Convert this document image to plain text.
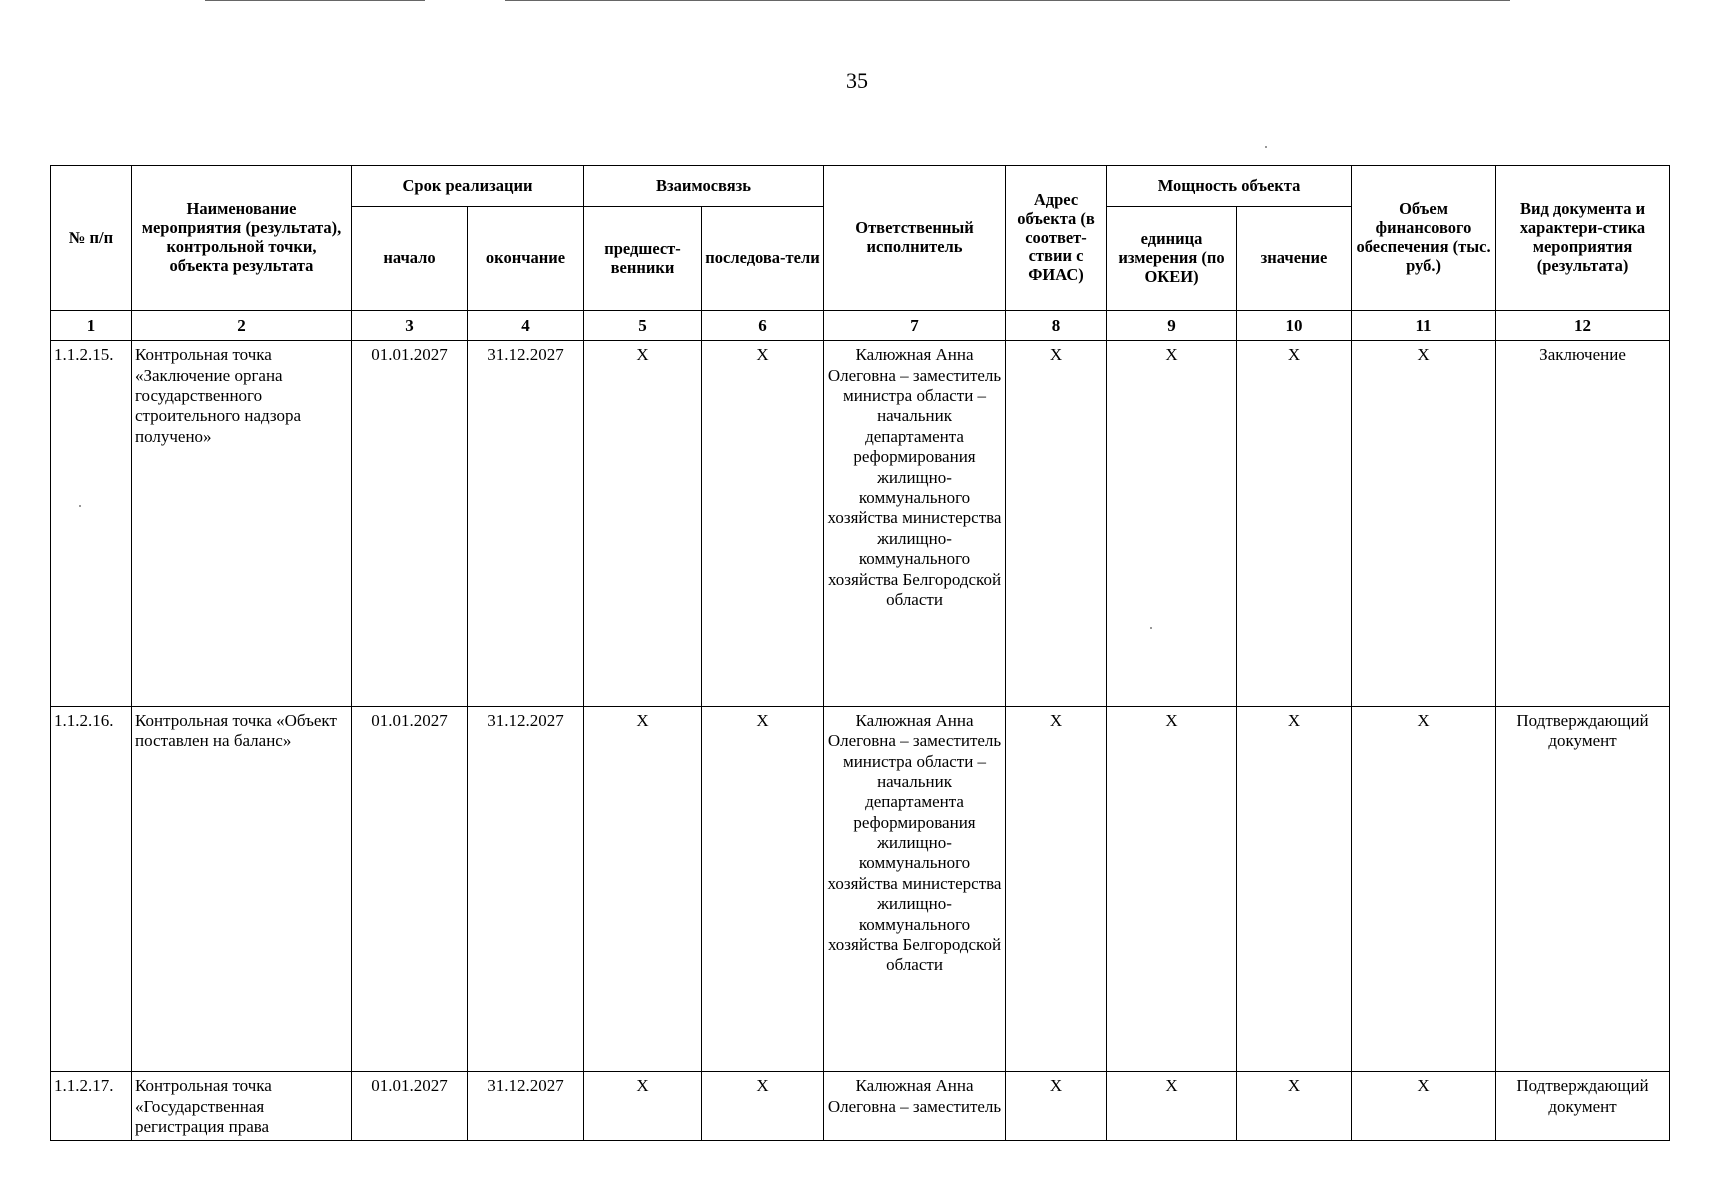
35
№ п/п	Наименование мероприятия (результата), контрольной точки, объекта результата	Срок реализации		Взаимосвязь		Ответственный исполнитель	Адрес объекта (в соответ-ствии с ФИАС)	Мощность объекта		Объем финансового обеспечения (тыс. руб.)	Вид документа и характери-стика мероприятия (результата)
		начало	окончание	предшест-венники	последова-тели			единица измерения (по ОКЕИ)	значение		
1	2	3	4	5	6	7	8	9	10	11	12
1.1.2.15.	Контрольная точка «Заключение органа государственного строительного надзора получено»	01.01.2027	31.12.2027	X	X	Калюжная Анна Олеговна – заместитель министра области – начальник департамента реформирования жилищно-коммунального хозяйства министерства жилищно-коммунального хозяйства Белгородской области	X	X	X	X	Заключение
1.1.2.16.	Контрольная точка «Объект поставлен на баланс»	01.01.2027	31.12.2027	X	X	Калюжная Анна Олеговна – заместитель министра области – начальник департамента реформирования жилищно-коммунального хозяйства министерства жилищно-коммунального хозяйства Белгородской области	X	X	X	X	Подтверждающий документ
1.1.2.17.	Контрольная точка «Государственная регистрация права	01.01.2027	31.12.2027	X	X	Калюжная Анна Олеговна – заместитель	X	X	X	X	Подтверждающий документ
